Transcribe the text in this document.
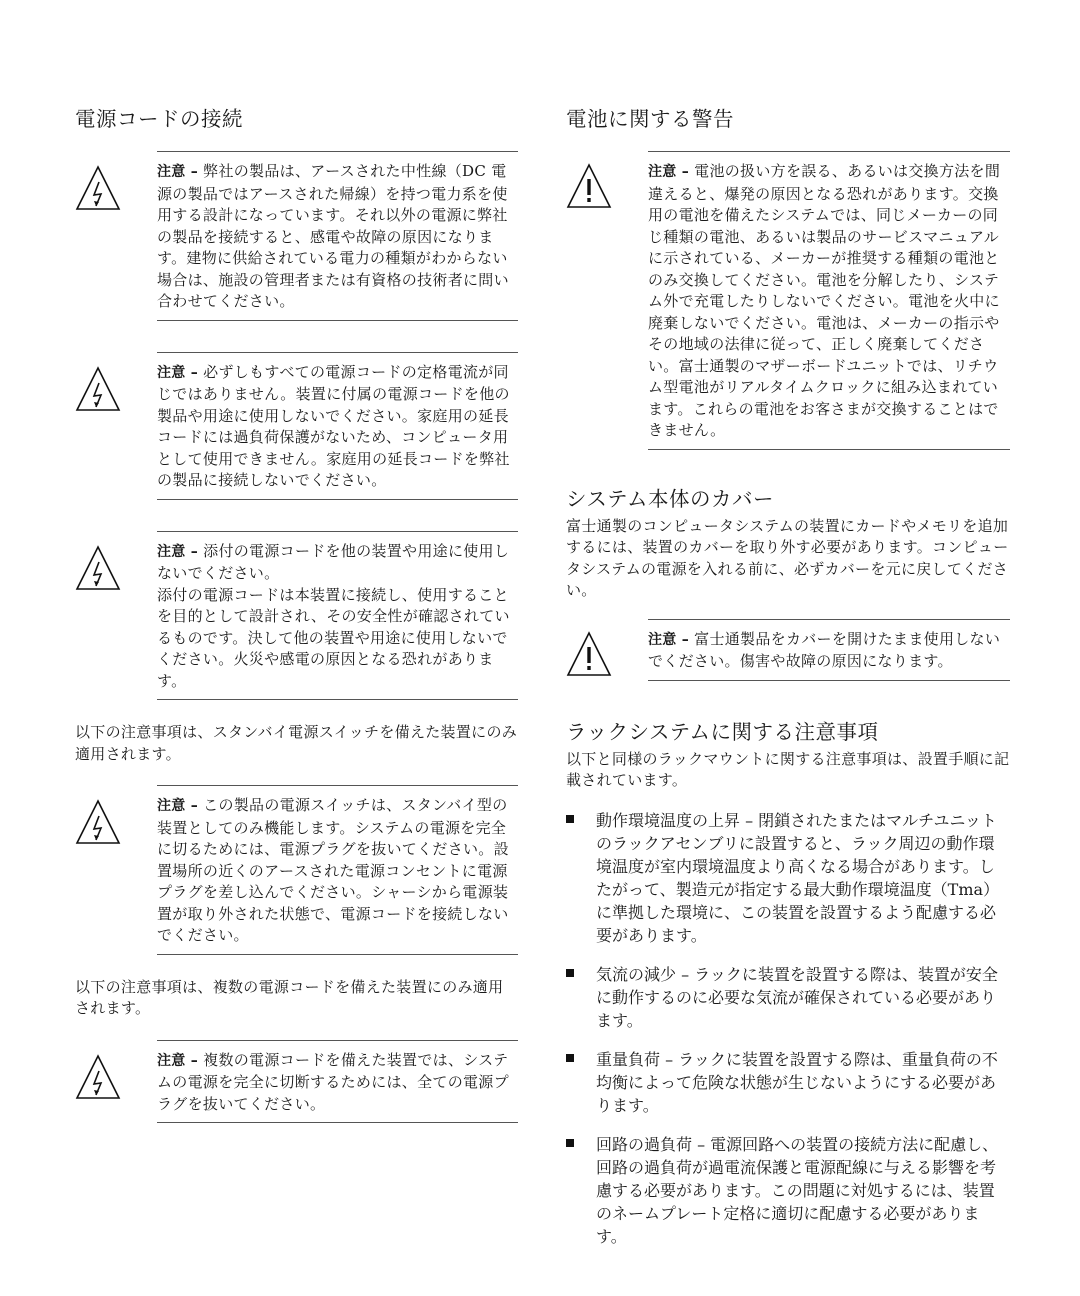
電源コードの接続

注意 – 弊社の製品は、アースされた中性線（DC 電源の製品ではアースされた帰線）を持つ電力系を使用する設計になっています。それ以外の電源に弊社の製品を接続すると、感電や故障の原因になります。建物に供給されている電力の種類がわからない場合は、施設の管理者または有資格の技術者に問い合わせてください。

注意 – 必ずしもすべての電源コードの定格電流が同じではありません。装置に付属の電源コードを他の製品や用途に使用しないでください。家庭用の延長コードには過負荷保護がないため、コンピュータ用として使用できません。家庭用の延長コードを弊社の製品に接続しないでください。

注意 – 添付の電源コードを他の装置や用途に使用しないでください。

添付の電源コードは本装置に接続し、使用することを目的として設計され、その安全性が確認されているものです。決して他の装置や用途に使用しないでください。火災や感電の原因となる恐れがあります。

以下の注意事項は、スタンバイ電源スイッチを備えた装置にのみ適用されます。

注意 – この製品の電源スイッチは、スタンバイ型の装置としてのみ機能します。システムの電源を完全に切るためには、電源プラグを抜いてください。設置場所の近くのアースされた電源コンセントに電源プラグを差し込んでください。シャーシから電源装置が取り外された状態で、電源コードを接続しないでください。

以下の注意事項は、複数の電源コードを備えた装置にのみ適用されます。

注意 – 複数の電源コードを備えた装置では、システムの電源を完全に切断するためには、全ての電源プラグを抜いてください。

電池に関する警告

注意 – 電池の扱い方を誤る、あるいは交換方法を間違えると、爆発の原因となる恐れがあります。交換用の電池を備えたシステムでは、同じメーカーの同じ種類の電池、あるいは製品のサービスマニュアルに示されている、メーカーが推奨する種類の電池とのみ交換してください。電池を分解したり、システム外で充電したりしないでください。電池を火中に廃棄しないでください。電池は、メーカーの指示やその地域の法律に従って、正しく廃棄してください。富士通製のマザーボードユニットでは、リチウム型電池がリアルタイムクロックに組み込まれています。これらの電池をお客さまが交換することはできません。

システム本体のカバー

富士通製のコンピュータシステムの装置にカードやメモリを追加するには、装置のカバーを取り外す必要があります。コンピュータシステムの電源を入れる前に、必ずカバーを元に戻してください。

注意 – 富士通製品をカバーを開けたまま使用しないでください。傷害や故障の原因になります。

ラックシステムに関する注意事項

以下と同様のラックマウントに関する注意事項は、設置手順に記載されています。

動作環境温度の上昇 – 閉鎖されたまたはマルチユニットのラックアセンブリに設置すると、ラック周辺の動作環境温度が室内環境温度より高くなる場合があります。したがって、製造元が指定する最大動作環境温度（Tma）に準拠した環境に、この装置を設置するよう配慮する必要があります。

気流の減少 – ラックに装置を設置する際は、装置が安全に動作するのに必要な気流が確保されている必要があります。

重量負荷 – ラックに装置を設置する際は、重量負荷の不均衡によって危険な状態が生じないようにする必要があります。

回路の過負荷 – 電源回路への装置の接続方法に配慮し、回路の過負荷が過電流保護と電源配線に与える影響を考慮する必要があります。この問題に対処するには、装置のネームプレート定格に適切に配慮する必要があります。
